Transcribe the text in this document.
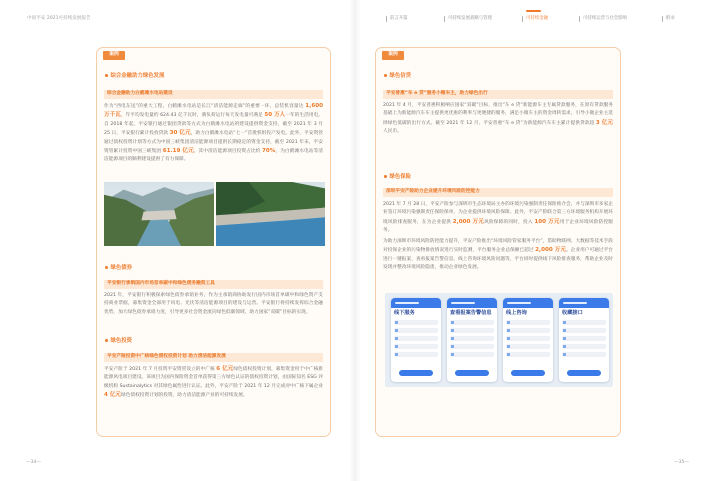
中国平安 2021可持续发展报告
案例
综合金融助力绿色发展
综合金融助力白鹤滩水电站建设

作为“西电东送”的重大工程，白鹤滩水电站是长江“清洁能源走廊”的重要一环，总装机容量达 1,600 万千瓦，年平均发电量约 624.43 亿千瓦时，满负荷运行每天发电量可满足 50 万人一年的生活用电。自 2018 年起，平安银行通过银团贷款等方式为白鹤滩水电站的建设提供资金支持，截至 2021 年 3 月 25 日，平安银行累计投放贷款 30 亿元，助力白鹤滩水电站“七一”首批机组投产发电。此外，平安资管通过债权投资计划等方式为中国三峡集团清洁能源项目提供长期稳定的资金支持，截至 2021 年末，平安资管累计投资中国三峡集团 61.19 亿元，其中清洁能源项目投资占比约 70%，为白鹤滩水电站等清洁能源项目的顺利建设提供了有力保障。

绿色债券
平安银行承销国内市场首单碳中和绿色债务融资工具

2021 年，平安银行积极探索绿色债券承销业务，作为主承销商协助发行国内市场首单碳中和绿色资产支持商业票据，募集资金全部用于风电、光伏等清洁能源项目的建设与运营。平安银行将持续发挥综合金融优势，加大绿色债券承销力度，引导更多社会资金流向绿色低碳领域，助力国家“双碳”目标的实现。

绿色投资
平安产险投资中广核绿色债权投资计划 助力清洁能源发展

平安产险于 2021 年 7 月投资平安资管设立的中广核 6 亿元绿色债权投资计划，募集资金用于中广核新能源风电项目建设。该项目为国内保险资金首单获得第三方绿色认证的债权投资计划，由国际知名 ESG 评级机构 Sustainalytics 对其绿色属性进行认证。此外，平安产险于 2021 年 12 月完成对中广核下属企业 4 亿元绿色债权投资计划的投资，助力清洁能源产业的可持续发展。

—34—
前言开篇	可持续发展战略与管理	可持续金融	可持续运营与社会影响	附录
案例
绿色信贷
平安普惠“车 e 贷”服务小微车主，助力绿色出行

2021 年 4 月，平安普惠积极响应国家“双碳”目标，推出“车 e 贷”新能源车主专属贷款服务，在原有贷款服务基础上为新能源汽车车主提供更优惠的利率与更便捷的服务，满足小微车主的资金周转需求，引导小微企业主选择绿色低碳的出行方式。截至 2021 年 12 月，平安普惠“车 e 贷”为新能源汽车车主累计提供贷款超 3 亿元人民币。

绿色保险
深圳平安产险助力企业提升环境风险防控能力

2021 年 7 月 28 日，平安产险参与深圳市生态环境局主办的环境污染强制责任保险推介会，并与深圳市多家企业签订环境污染强制责任保险保单，为企业提供环境风险保障。此外，平安产险联合第三方环境服务机构开展环境风险排查服务，在为企业提供 2,000 万元风险保障的同时，投入 100 万元用于企业环境风险防控服务。

为助力深圳市环境风险防控能力提升，平安产险推出“环境风险管家服务平台”，借助物联网、大数据等技术手段对投保企业的污染物排放情况进行实时监测，平台服务企业总保额已超过 2,000 万元。企业用户可通过平台进行一键报案、查看报案告警信息、线上咨询环境风险问题等，平台同时提供线下风险排查服务，帮助企业及时发现并整改环境风险隐患，推动企业绿色发展。

线下服务	查看报案告警信息	线上咨询	收藏接口
—35—
